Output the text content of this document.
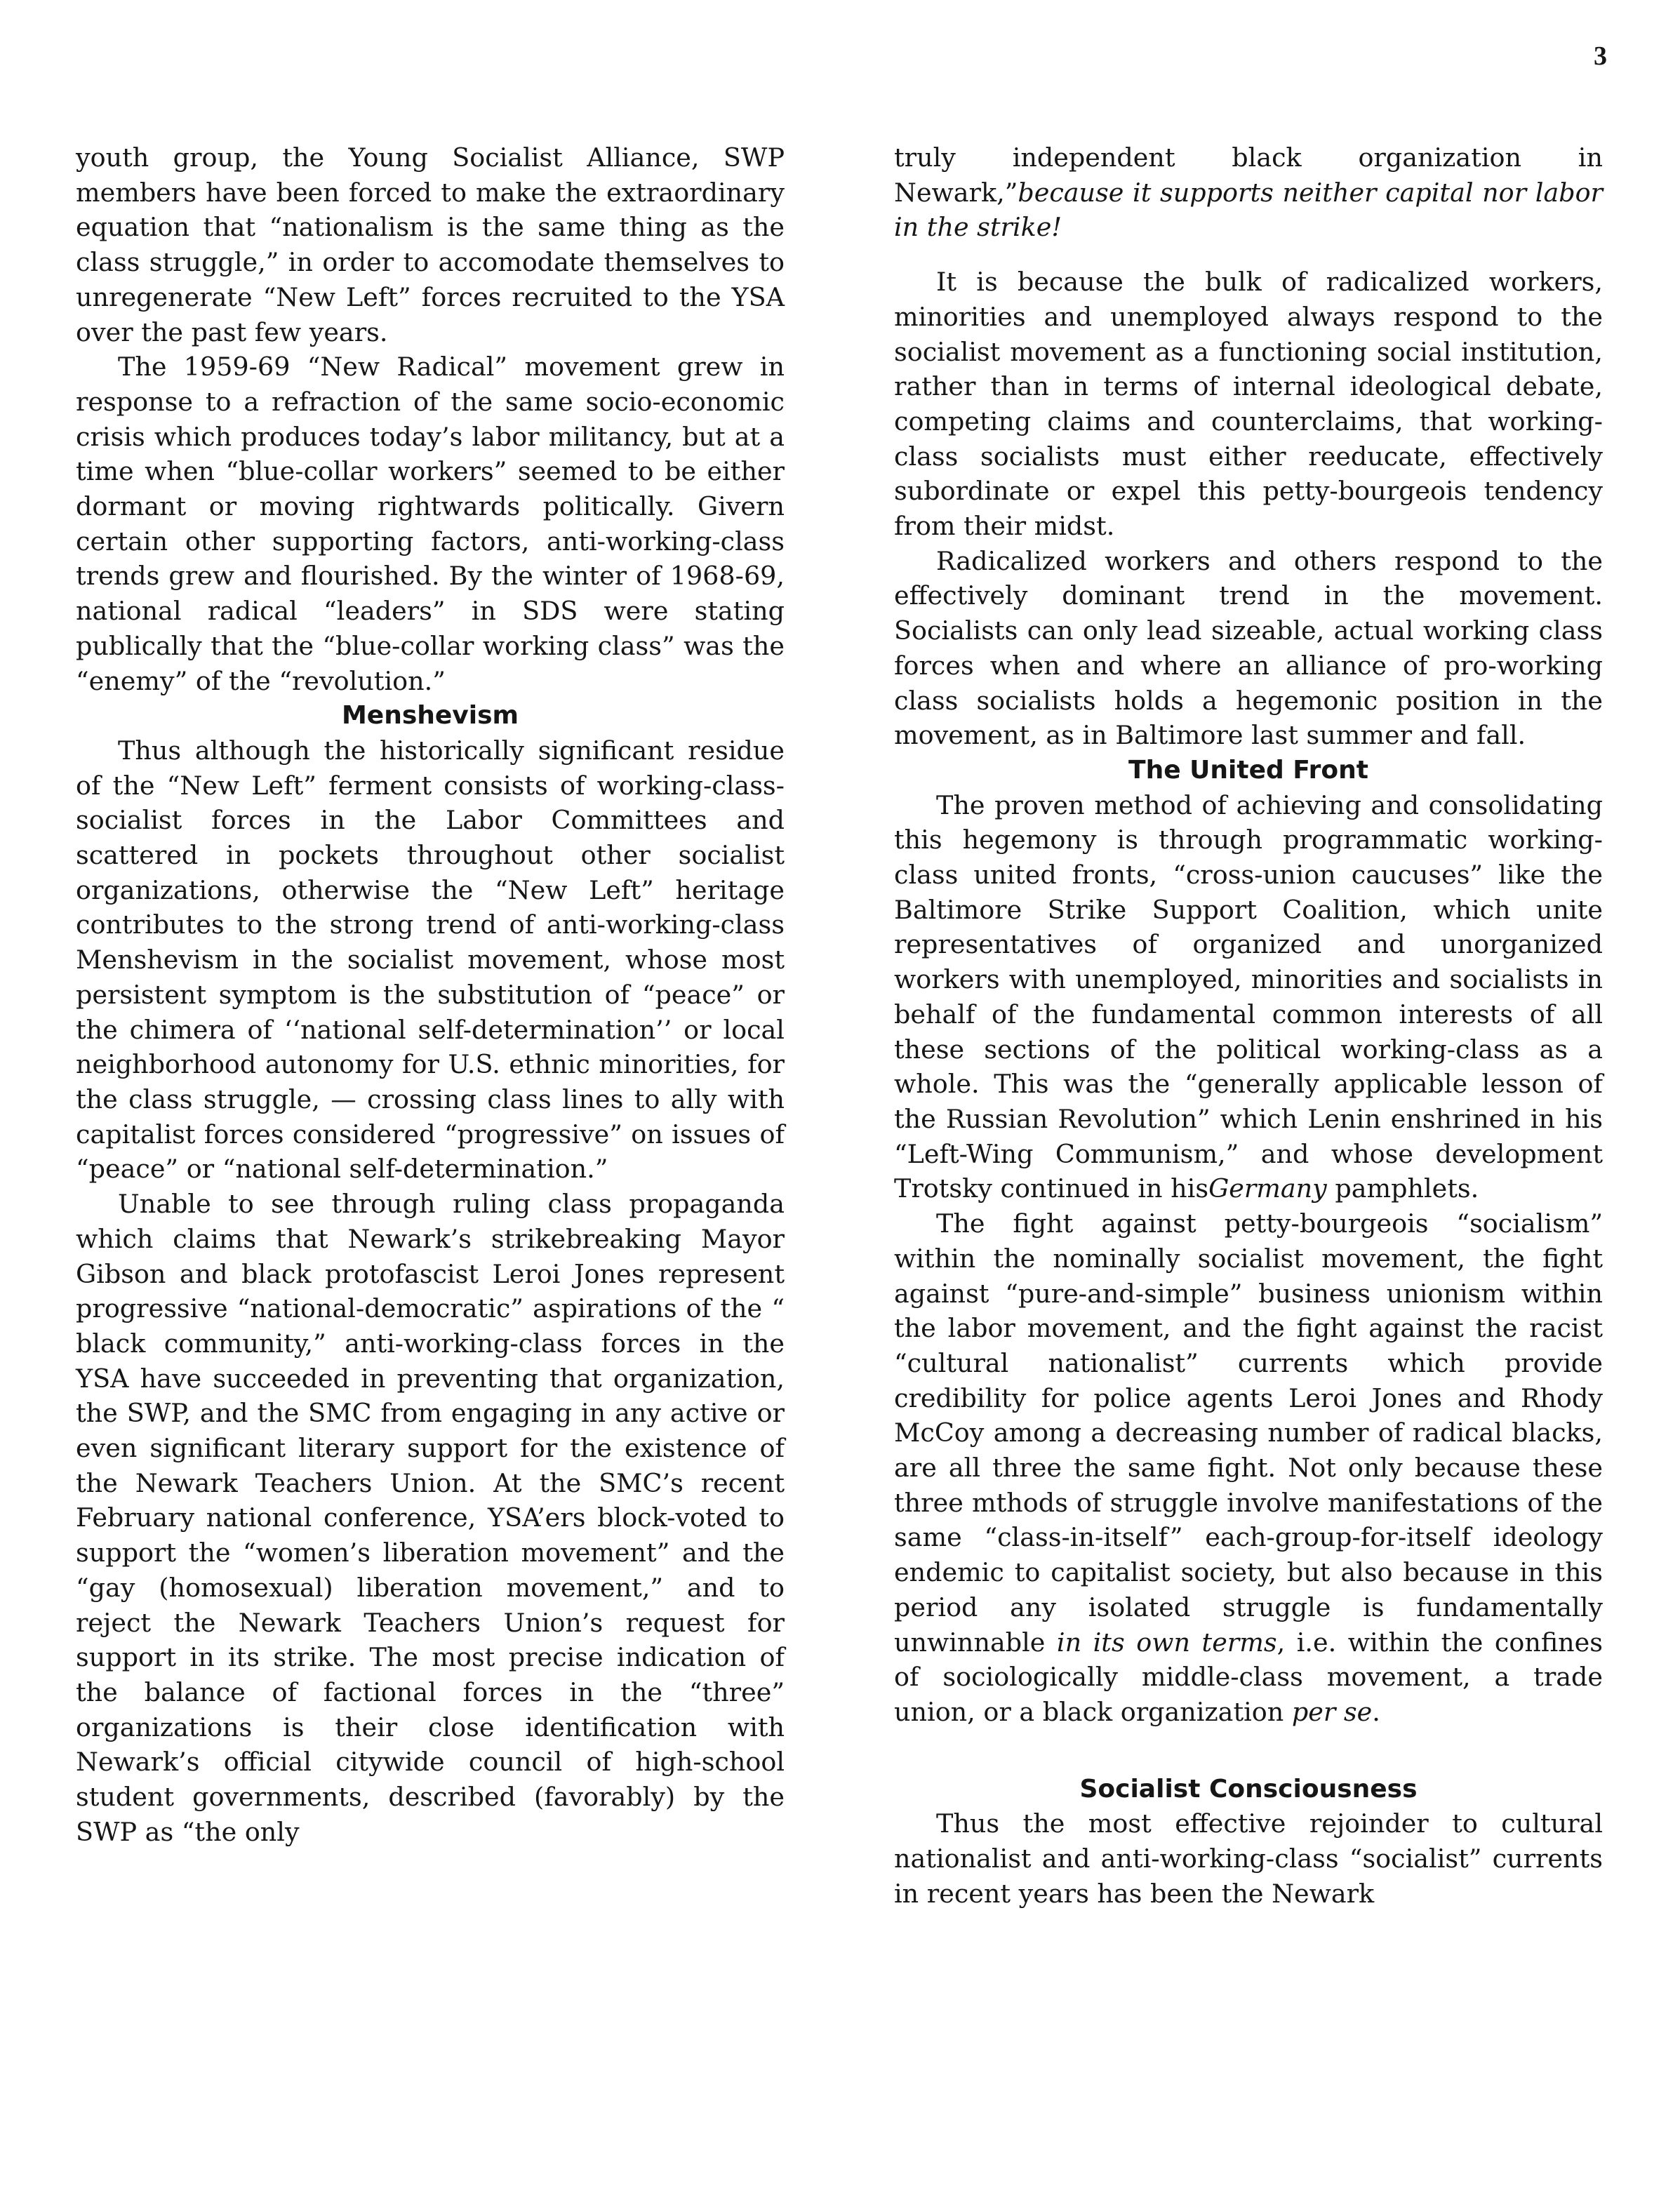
3

youth group, the Young Socialist Alliance, SWP members have been forced to make the extraordinary equation that “nationalism is the same thing as the class struggle,” in order to accomodate themselves to unregenerate “New Left” forces recruited to the YSA over the past few years.

The 1959-69 “New Radical” movement grew in response to a refraction of the same socio-economic crisis which produces today’s labor militancy, but at a time when “blue-collar workers” seemed to be either dormant or moving rightwards politically. Givern certain other supporting factors, anti-working-class trends grew and flourished. By the winter of 1968-69, national radical “leaders” in SDS were stating publically that the “blue-collar working class” was the “enemy” of the “revolution.”

Menshevism

Thus although the historically significant residue of the “New Left” ferment consists of working-class-socialist forces in the Labor Committees and scattered in pockets throughout other socialist organizations, otherwise the “New Left” heritage contributes to the strong trend of anti-working-class Menshevism in the socialist movement, whose most persistent symptom is the substitution of “peace” or the chimera of ‘‘national self-determination’’ or local neighborhood autonomy for U.S. ethnic minorities, for the class struggle, — crossing class lines to ally with capitalist forces considered “progressive” on issues of “peace” or “national self-determination.”

Unable to see through ruling class propaganda which claims that Newark’s strikebreaking Mayor Gibson and black protofascist Leroi Jones represent progressive “national-democratic” aspirations of the “ black community,” anti-working-class forces in the YSA have succeeded in preventing that organization, the SWP, and the SMC from engaging in any active or even significant literary support for the existence of the Newark Teachers Union. At the SMC’s recent February national conference, YSA’ers block-voted to support the “women’s liberation movement” and the “gay (homosexual) liberation movement,” and to reject the Newark Teachers Union’s request for support in its strike. The most precise indication of the balance of factional forces in the “three” organizations is their close identification with Newark’s official citywide council of high-school student governments, described (favorably) by the SWP as “the only

truly independent black organization in Newark,”because it supports neither capital nor labor in the strike!

It is because the bulk of radicalized workers, minorities and unemployed always respond to the socialist movement as a functioning social institution, rather than in terms of internal ideological debate, competing claims and counterclaims, that working-class socialists must either reeducate, effectively subordinate or expel this petty-bourgeois tendency from their midst.

Radicalized workers and others respond to the effectively dominant trend in the movement. Socialists can only lead sizeable, actual working class forces when and where an alliance of pro-working class socialists holds a hegemonic position in the movement, as in Baltimore last summer and fall.

The United Front

The proven method of achieving and consolidating this hegemony is through programmatic working-class united fronts, “cross-union caucuses” like the Baltimore Strike Support Coalition, which unite representatives of organized and unorganized workers with unemployed, minorities and socialists in behalf of the fundamental common interests of all these sections of the political working-class as a whole. This was the “generally applicable lesson of the Russian Revolution” which Lenin enshrined in his “Left-Wing Communism,” and whose development Trotsky continued in hisGermany pamphlets.

The fight against petty-bourgeois “socialism” within the nominally socialist movement, the fight against “pure-and-simple” business unionism within the labor movement, and the fight against the racist “cultural nationalist” currents which provide credibility for police agents Leroi Jones and Rhody McCoy among a decreasing number of radical blacks, are all three the same fight. Not only because these three mthods of struggle involve manifestations of the same “class-in-itself” each-group-for-itself ideology endemic to capitalist society, but also because in this period any isolated struggle is fundamentally unwinnable in its own terms, i.e. within the confines of sociologically middle-class movement, a trade union, or a black organization per se.

Socialist Consciousness

Thus the most effective rejoinder to cultural nationalist and anti-working-class “socialist” currents in recent years has been the Newark
